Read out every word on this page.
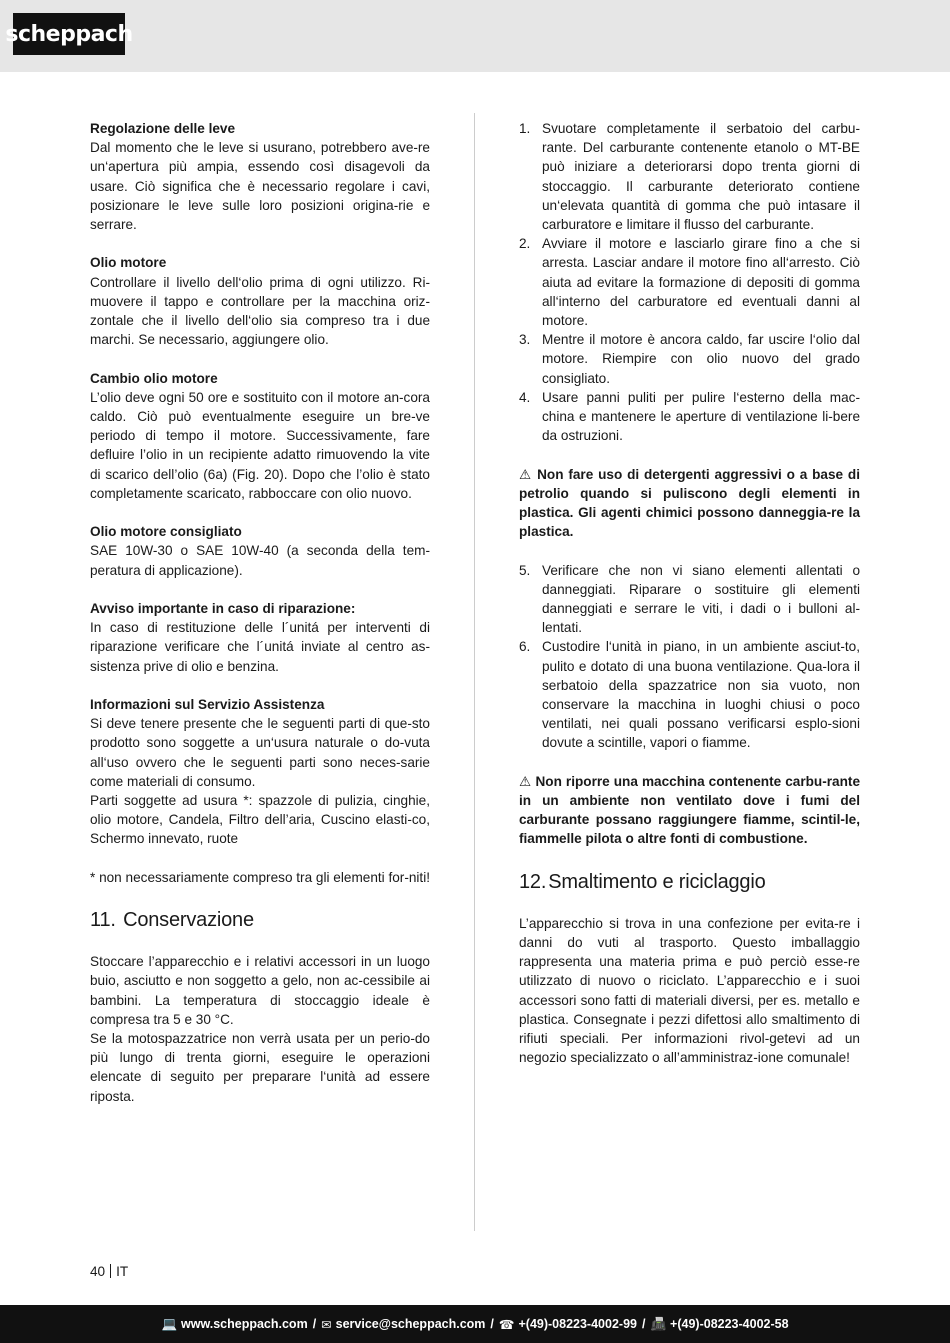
scheppach
Regolazione delle leve

Dal momento che le leve si usurano, potrebbero ave-re un‘apertura più ampia, essendo così disagevoli da usare. Ciò significa che è necessario regolare i cavi, posizionare le leve sulle loro posizioni origina-rie e serrare.

Olio motore

Controllare il livello dell‘olio prima di ogni utilizzo. Ri-muovere il tappo e controllare per la macchina oriz-zontale che il livello dell‘olio sia compreso tra i due marchi. Se necessario, aggiungere olio.

Cambio olio motore

L’olio deve ogni 50 ore e sostituito con il motore an-cora caldo. Ciò può eventualmente eseguire un bre-ve periodo di tempo il motore. Successivamente, fare defluire l’olio in un recipiente adatto rimuovendo la vite di scarico dell’olio (6a) (Fig. 20). Dopo che l’olio è stato completamente scaricato, rabboccare con olio nuovo.

Olio motore consigliato

SAE 10W-30 o SAE 10W-40 (a seconda della tem-peratura di applicazione).

Avviso importante in caso di riparazione:

In caso di restituzione delle l´unitá per interventi di riparazione verificare che l´unitá inviate al centro as-sistenza prive di olio e benzina.

Informazioni sul Servizio Assistenza

Si deve tenere presente che le seguenti parti di que-sto prodotto sono soggette a un‘usura naturale o do-vuta all‘uso ovvero che le seguenti parti sono neces-sarie come materiali di consumo.

Parti soggette ad usura *: spazzole di pulizia, cinghie, olio motore, Candela, Filtro dell’aria, Cuscino elasti-co, Schermo innevato, ruote

* non necessariamente compreso tra gli elementi for-niti!

11. Conservazione

Stoccare l’apparecchio e i relativi accessori in un luogo buio, asciutto e non soggetto a gelo, non ac-cessibile ai bambini. La temperatura di stoccaggio ideale è compresa tra 5 e 30 °C.

Se la motospazzatrice non verrà usata per un perio-do più lungo di trenta giorni, eseguire le operazioni elencate di seguito per preparare l‘unità ad essere riposta.

1. Svuotare completamente il serbatoio del carbu-rante. Del carburante contenente etanolo o MT-BE può iniziare a deteriorarsi dopo trenta giorni di stoccaggio. Il carburante deteriorato contiene un‘elevata quantità di gomma che può intasare il carburatore e limitare il flusso del carburante.
2. Avviare il motore e lasciarlo girare fino a che si arresta. Lasciar andare il motore fino all‘arresto. Ciò aiuta ad evitare la formazione di depositi di gomma all‘interno del carburatore ed eventuali danni al motore.
3. Mentre il motore è ancora caldo, far uscire l‘olio dal motore. Riempire con olio nuovo del grado consigliato.
4. Usare panni puliti per pulire l‘esterno della mac-china e mantenere le aperture di ventilazione li-bere da ostruzioni.

⚠ Non fare uso di detergenti aggressivi o a base di petrolio quando si puliscono degli elementi in plastica. Gli agenti chimici possono danneggia-re la plastica.

5. Verificare che non vi siano elementi allentati o danneggiati. Riparare o sostituire gli elementi danneggiati e serrare le viti, i dadi o i bulloni al-lentati.
6. Custodire l‘unità in piano, in un ambiente asciut-to, pulito e dotato di una buona ventilazione. Qua-lora il serbatoio della spazzatrice non sia vuoto, non conservare la macchina in luoghi chiusi o poco ventilati, nei quali possano verificarsi esplo-sioni dovute a scintille, vapori o fiamme.

⚠ Non riporre una macchina contenente carbu-rante in un ambiente non ventilato dove i fumi del carburante possano raggiungere fiamme, scintil-le, fiammelle pilota o altre fonti di combustione.

12. Smaltimento e riciclaggio

L’apparecchio si trova in una confezione per evita-re i danni do vuti al trasporto. Questo imballaggio rappresenta una materia prima e può perciò esse-re utilizzato di nuovo o riciclato. L’apparecchio e i suoi accessori sono fatti di materiali diversi, per es. metallo e plastica. Consegnate i pezzi difettosi allo smaltimento di rifiuti speciali. Per informazioni rivol-getevi ad un negozio specializzato o all’amministraz-ione comunale!

40 IT
💻 www.scheppach.com / ✉ service@scheppach.com / ☎ +(49)-08223-4002-99 / 📠 +(49)-08223-4002-58
